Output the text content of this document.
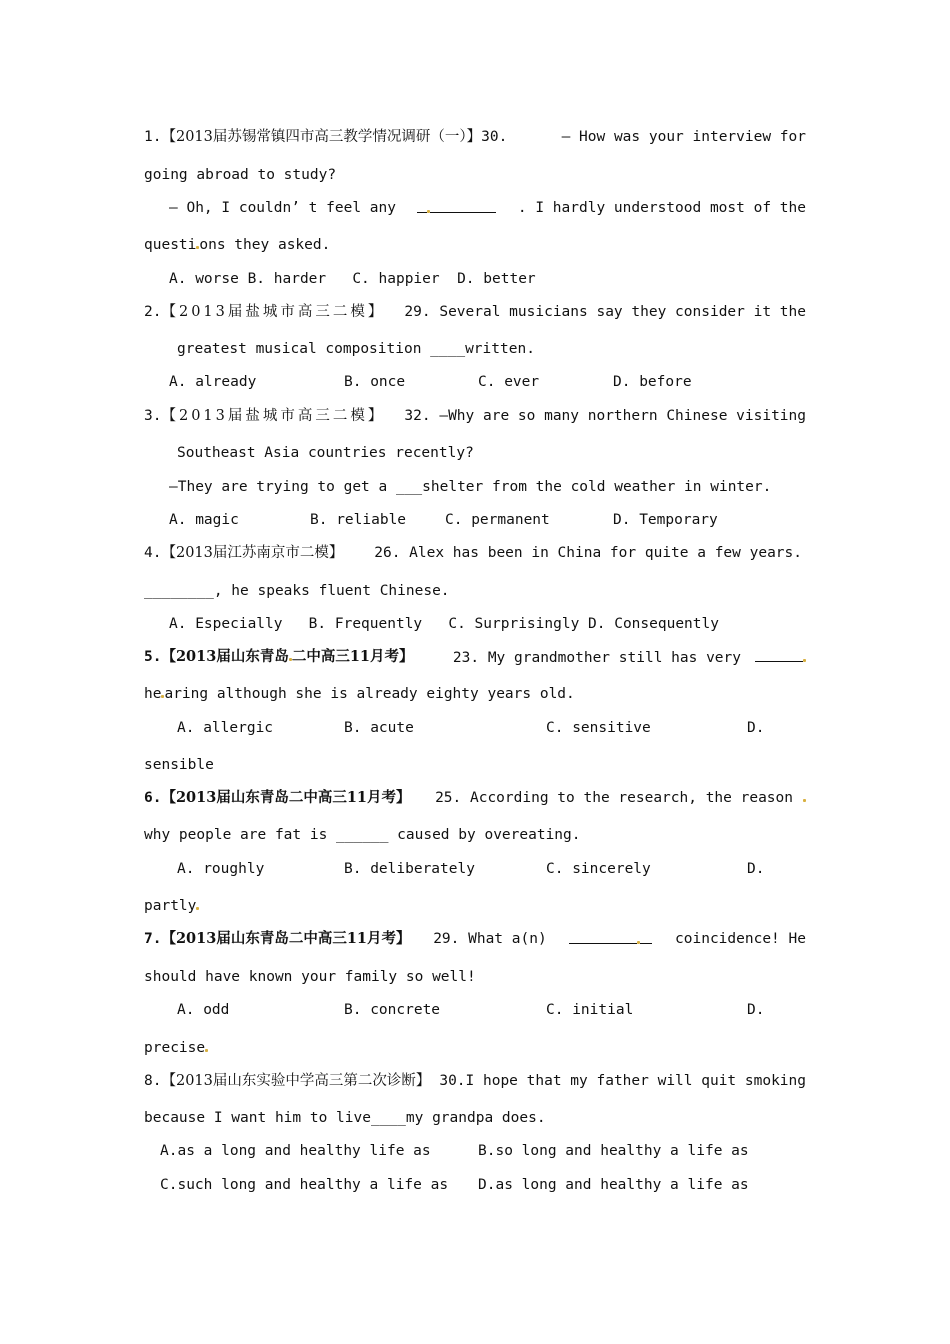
1.【2013届苏锡常镇四市高三教学情况调研（一）】30.	— How was your interview for
going abroad to study?
— Oh, I couldn’ t feel any	. I hardly understood most of the
questi ons they asked.
A. worse B. harder   C. happier  D. better
2.【2013届盐城市高三二模】 29. Several musicians say they consider it the
greatest musical composition ____written.
A. already	B. once	C. ever	D. before
3.【2013届盐城市高三二模】 32. —Why are so many northern Chinese visiting
Southeast Asia countries recently?
—They are trying to get a ___shelter from the cold weather in winter.
A. magic	B. reliable	C. permanent	D. Temporary
4.【2013届江苏南京市二模】 26. Alex has been in China for quite a few years.
________, he speaks fluent Chinese.
A. Especially   B. Frequently   C. Surprisingly D. Consequently
5.【2013届山东青岛 二中高三11月考】	23. My grandmother still has very
he aring although she is already eighty years old.
A. allergic	B. acute	C. sensitive	D.
sensible
6.【2013届山东青岛二中高三11月考】 25. According to the research, the reason
why people are fat is ______ caused by overeating.
A. roughly	B. deliberately	C. sincerely	D.
partly
7.【2013届山东青岛二中高三11月考】 29. What a(n)	coincidence! He
should have known your family so well!
A. odd	B. concrete	C. initial	D.
precise
8.【2013届山东实验中学高三第二次诊断】 30.I hope that my father will quit smoking
because I want him to live____my grandpa does.
A.as a long and healthy life as	B.so long and healthy a life as
C.such long and healthy a life as D.as long and healthy a life as
